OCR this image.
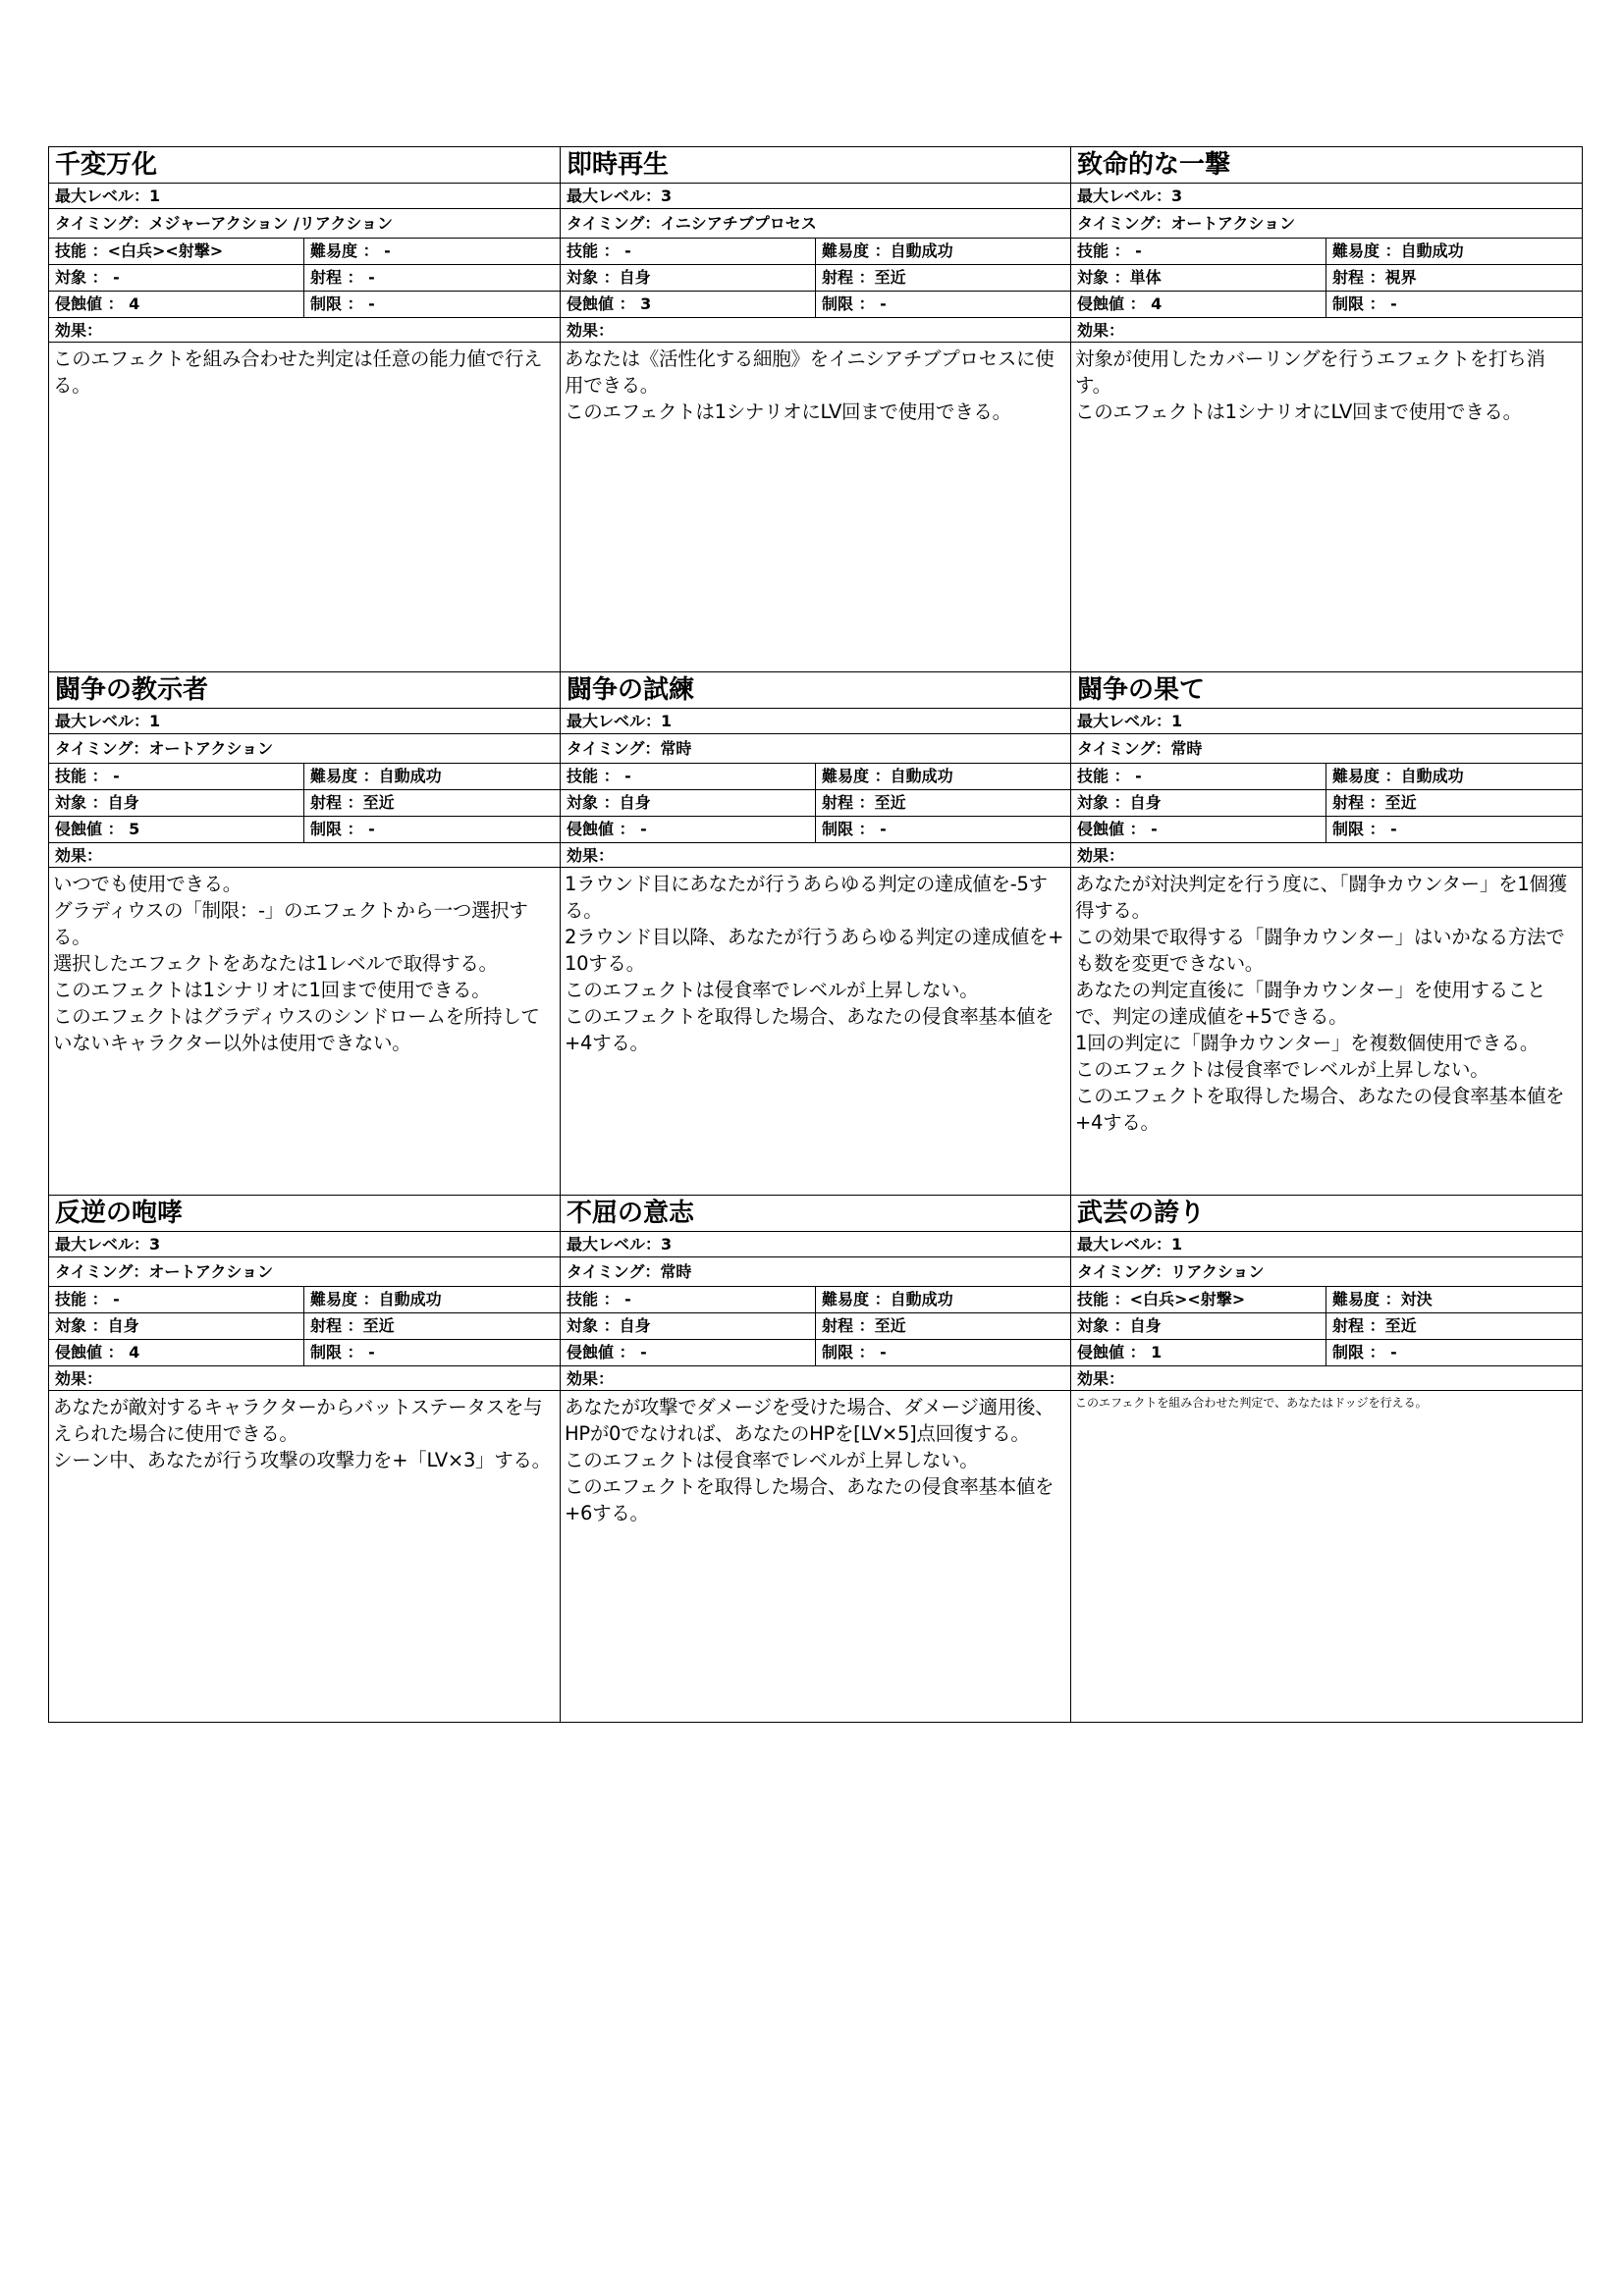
千変万化
最大レベル：1
タイミング：メジャーアクション /リアクション
技能 ：<白兵><射撃>	難易度 ： -
対象 ： -	射程 ： -
侵蝕値 ： 4	制限 ： -
効果：
このエフェクトを組み合わせた判定は任意の能力値で行える。
即時再生
最大レベル：3
タイミング：イニシアチブプロセス
技能 ： -	難易度 ：自動成功
対象 ：自身	射程 ：至近
侵蝕値 ： 3	制限 ： -
効果：
あなたは《活性化する細胞》をイニシアチブプロセスに使用できる。
このエフェクトは1シナリオにLV回まで使用できる。
致命的な一撃
最大レベル：3
タイミング：オートアクション
技能 ： -	難易度 ：自動成功
対象 ：単体	射程 ：視界
侵蝕値 ： 4	制限 ： -
効果：
対象が使用したカバーリングを行うエフェクトを打ち消す。
このエフェクトは1シナリオにLV回まで使用できる。
闘争の教示者
最大レベル：1
タイミング：オートアクション
技能 ： -	難易度 ：自動成功
対象 ：自身	射程 ：至近
侵蝕値 ： 5	制限 ： -
効果：
いつでも使用できる。
グラディウスの「制限：-」のエフェクトから一つ選択する。
選択したエフェクトをあなたは1レベルで取得する。
このエフェクトは1シナリオに1回まで使用できる。
このエフェクトはグラディウスのシンドロームを所持していないキャラクター以外は使用できない。
闘争の試練
最大レベル：1
タイミング：常時
技能 ： -	難易度 ：自動成功
対象 ：自身	射程 ：至近
侵蝕値 ： -	制限 ： -
効果：
1ラウンド目にあなたが行うあらゆる判定の達成値を-5する。
2ラウンド目以降、あなたが行うあらゆる判定の達成値を+10する。
このエフェクトは侵食率でレベルが上昇しない。
このエフェクトを取得した場合、あなたの侵食率基本値を+4する。
闘争の果て
最大レベル：1
タイミング：常時
技能 ： -	難易度 ：自動成功
対象 ：自身	射程 ：至近
侵蝕値 ： -	制限 ： -
効果：
あなたが対決判定を行う度に、「闘争カウンター」を1個獲得する。
この効果で取得する「闘争カウンター」はいかなる方法でも数を変更できない。
あなたの判定直後に「闘争カウンター」を使用することで、判定の達成値を+5できる。
1回の判定に「闘争カウンター」を複数個使用できる。
このエフェクトは侵食率でレベルが上昇しない。
このエフェクトを取得した場合、あなたの侵食率基本値を+4する。
反逆の咆哮
最大レベル：3
タイミング：オートアクション
技能 ： -	難易度 ：自動成功
対象 ：自身	射程 ：至近
侵蝕値 ： 4	制限 ： -
効果：
あなたが敵対するキャラクターからバットステータスを与えられた場合に使用できる。
シーン中、あなたが行う攻撃の攻撃力を+「LV×3」する。
不屈の意志
最大レベル：3
タイミング：常時
技能 ： -	難易度 ：自動成功
対象 ：自身	射程 ：至近
侵蝕値 ： -	制限 ： -
効果：
あなたが攻撃でダメージを受けた場合、ダメージ適用後、HPが0でなければ、あなたのHPを[LV×5]点回復する。
このエフェクトは侵食率でレベルが上昇しない。
このエフェクトを取得した場合、あなたの侵食率基本値を+6する。
武芸の誇り
最大レベル：1
タイミング：リアクション
技能 ：<白兵><射撃>	難易度 ：対決
対象 ：自身	射程 ：至近
侵蝕値 ： 1	制限 ： -
効果：
このエフェクトを組み合わせた判定で、あなたはドッジを行える。
